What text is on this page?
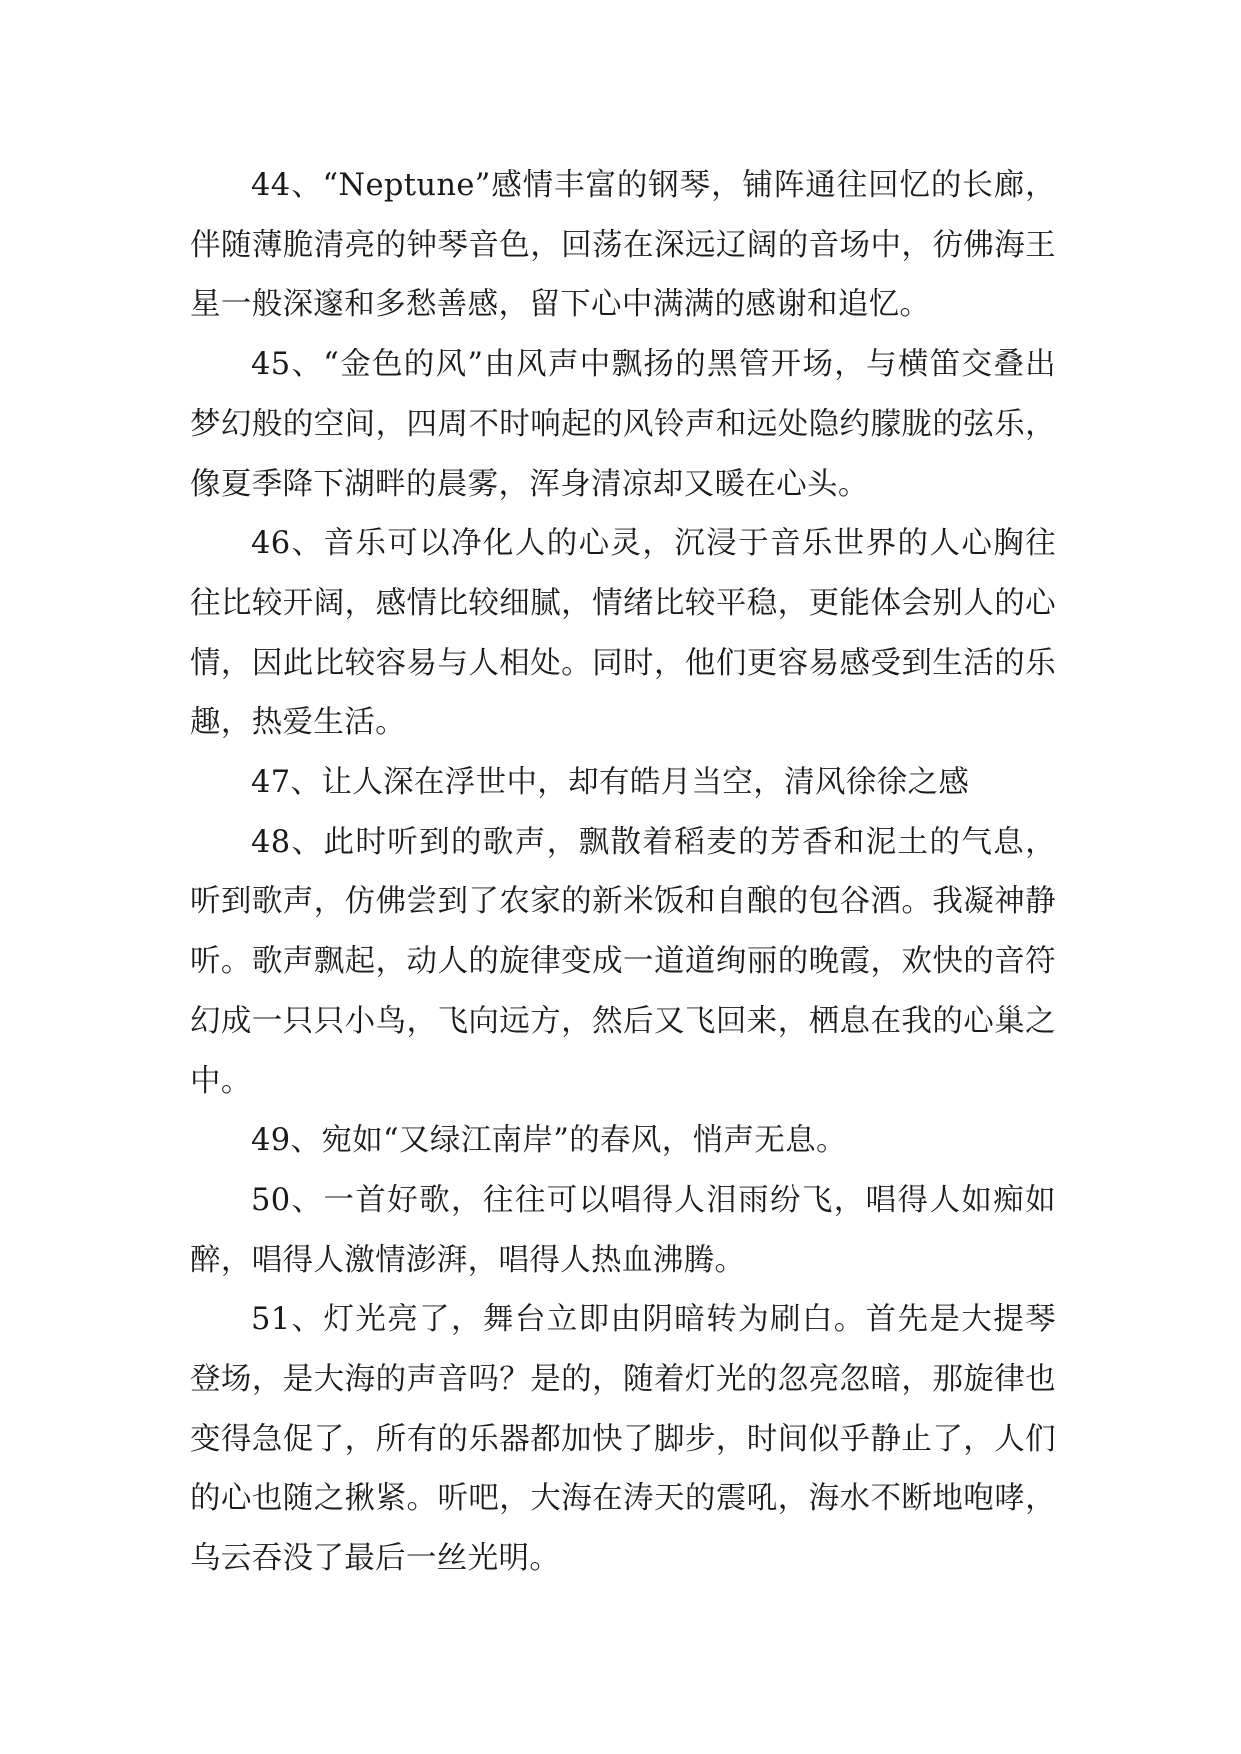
44、“Neptune”感情丰富的钢琴，铺阵通往回忆的长廊，伴随薄脆清亮的钟琴音色，回荡在深远辽阔的音场中，彷佛海王星一般深邃和多愁善感，留下心中满满的感谢和追忆。

45、“金色的风”由风声中飘扬的黑管开场，与横笛交叠出梦幻般的空间，四周不时响起的风铃声和远处隐约朦胧的弦乐，像夏季降下湖畔的晨雾，浑身清凉却又暖在心头。

46、音乐可以净化人的心灵，沉浸于音乐世界的人心胸往往比较开阔，感情比较细腻，情绪比较平稳，更能体会别人的心情，因此比较容易与人相处。同时，他们更容易感受到生活的乐趣，热爱生活。

47、让人深在浮世中，却有皓月当空，清风徐徐之感

48、此时听到的歌声，飘散着稻麦的芳香和泥土的气息，听到歌声，仿佛尝到了农家的新米饭和自酿的包谷酒。我凝神静听。歌声飘起，动人的旋律变成一道道绚丽的晚霞，欢快的音符幻成一只只小鸟，飞向远方，然后又飞回来，栖息在我的心巢之中。

49、宛如“又绿江南岸”的春风，悄声无息。

50、一首好歌，往往可以唱得人泪雨纷飞，唱得人如痴如醉，唱得人激情澎湃，唱得人热血沸腾。

51、灯光亮了，舞台立即由阴暗转为刷白。首先是大提琴登场，是大海的声音吗？是的，随着灯光的忽亮忽暗，那旋律也变得急促了，所有的乐器都加快了脚步，时间似乎静止了，人们的心也随之揪紧。听吧，大海在涛天的震吼，海水不断地咆哮，乌云吞没了最后一丝光明。
